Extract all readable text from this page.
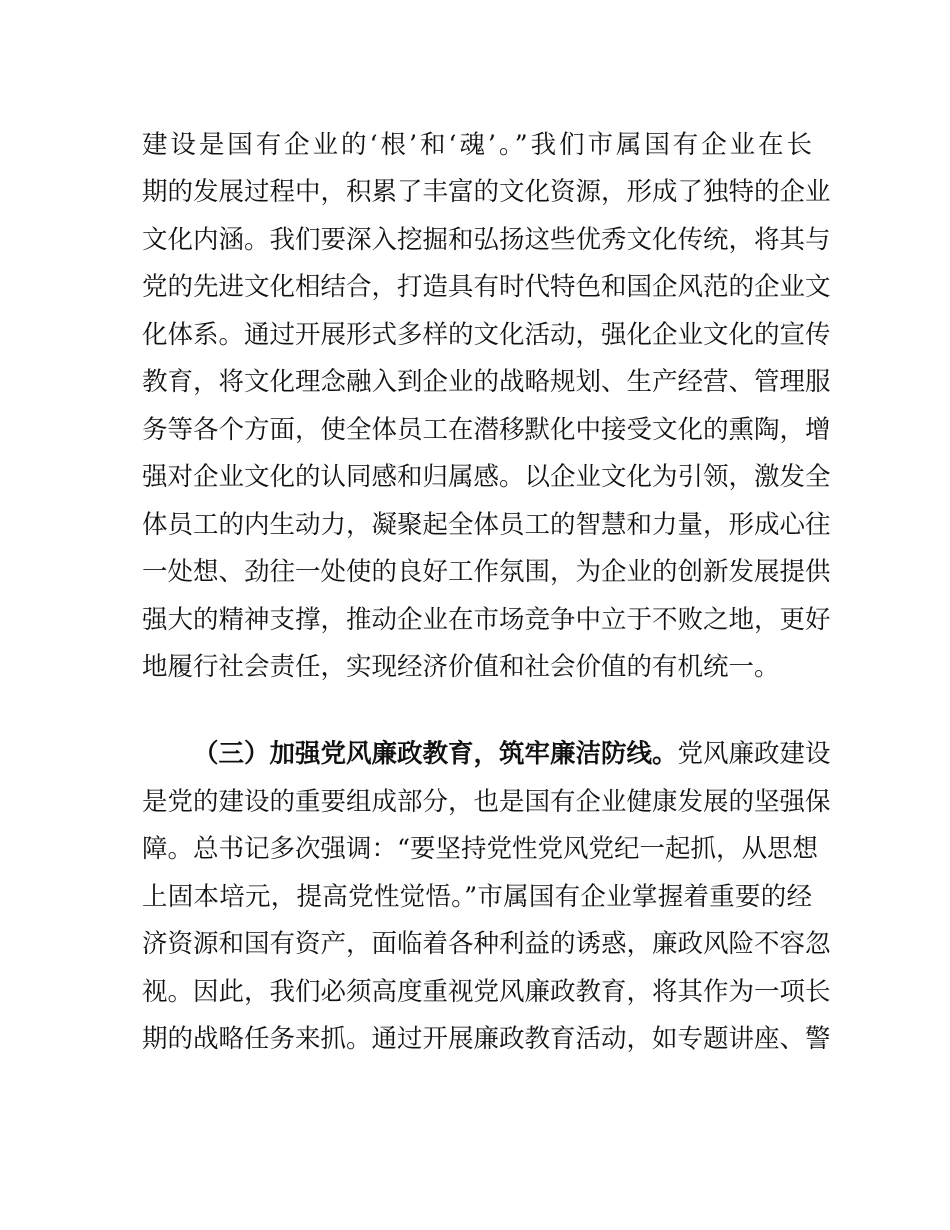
建设是国有企业的‘根’和‘魂’。”我们市属国有企业在长
期的发展过程中，积累了丰富的文化资源，形成了独特的企业
文化内涵。我们要深入挖掘和弘扬这些优秀文化传统，将其与
党的先进文化相结合，打造具有时代特色和国企风范的企业文
化体系。通过开展形式多样的文化活动，强化企业文化的宣传
教育，将文化理念融入到企业的战略规划、生产经营、管理服
务等各个方面，使全体员工在潜移默化中接受文化的熏陶，增
强对企业文化的认同感和归属感。以企业文化为引领，激发全
体员工的内生动力，凝聚起全体员工的智慧和力量，形成心往
一处想、劲往一处使的良好工作氛围，为企业的创新发展提供
强大的精神支撑，推动企业在市场竞争中立于不败之地，更好
地履行社会责任，实现经济价值和社会价值的有机统一。
（三）加强党风廉政教育，筑牢廉洁防线。党风廉政建设
是党的建设的重要组成部分，也是国有企业健康发展的坚强保
障。总书记多次强调：“要坚持党性党风党纪一起抓，从思想
上固本培元，提高党性觉悟。”市属国有企业掌握着重要的经
济资源和国有资产，面临着各种利益的诱惑，廉政风险不容忽
视。因此，我们必须高度重视党风廉政教育，将其作为一项长
期的战略任务来抓。通过开展廉政教育活动，如专题讲座、警
